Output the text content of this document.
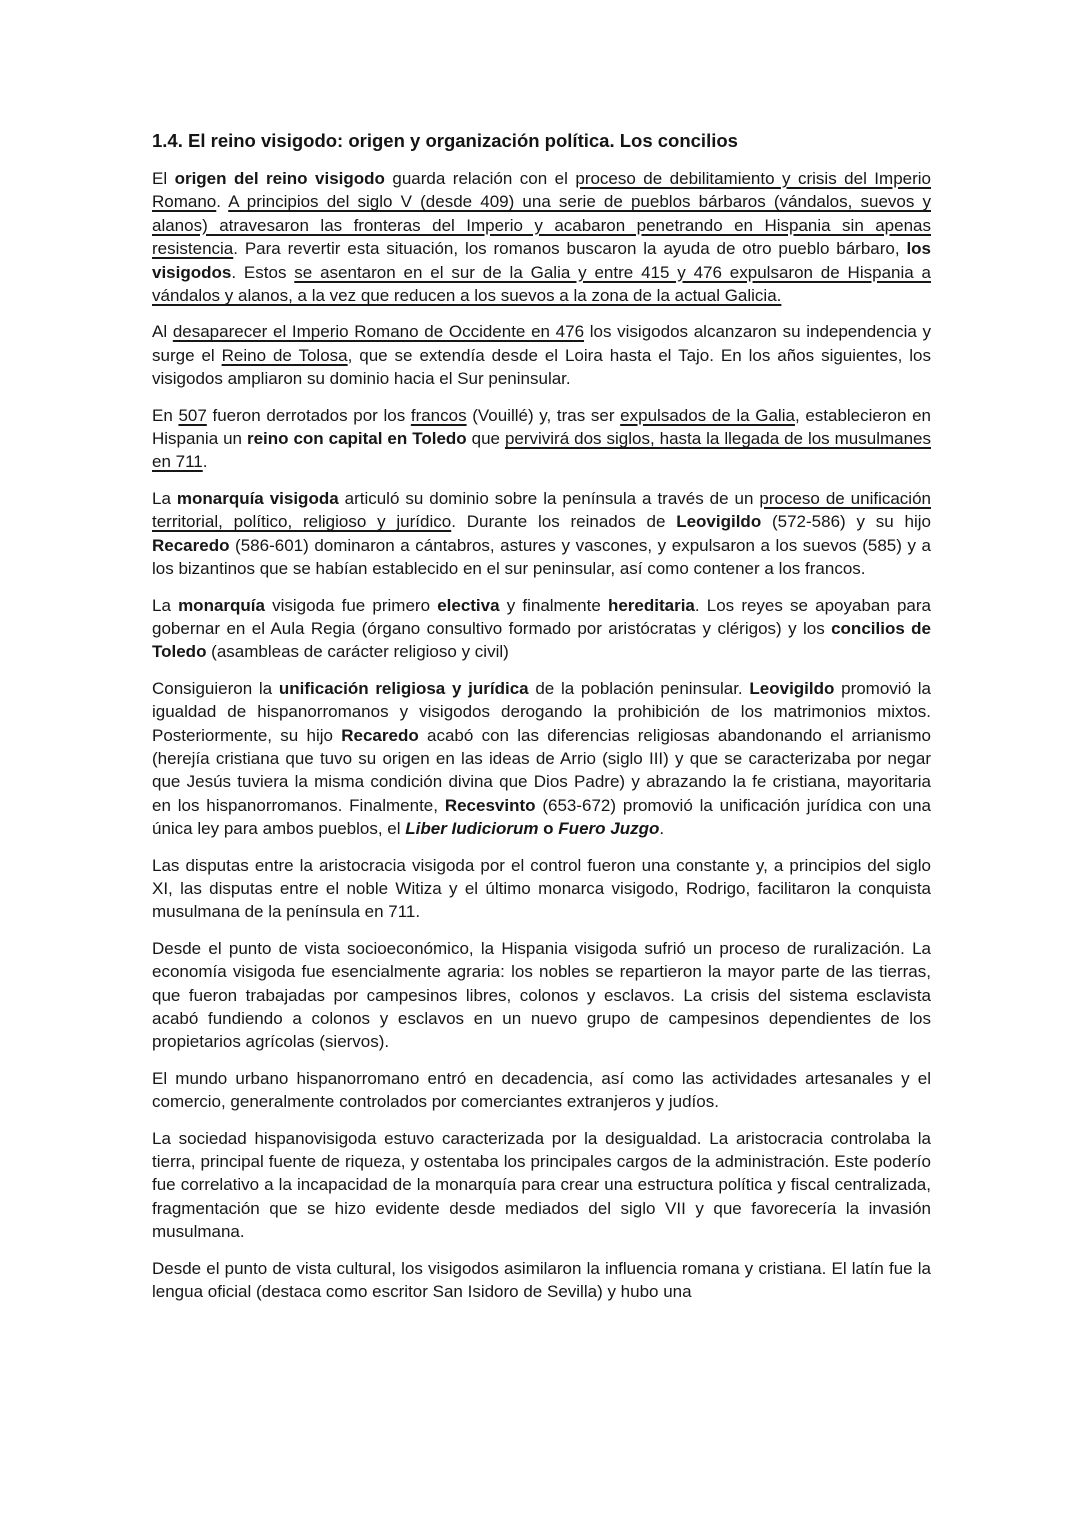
1.4. El reino visigodo: origen y organización política. Los concilios

El origen del reino visigodo guarda relación con el proceso de debilitamiento y crisis del Imperio Romano. A principios del siglo V (desde 409) una serie de pueblos bárbaros (vándalos, suevos y alanos) atravesaron las fronteras del Imperio y acabaron penetrando en Hispania sin apenas resistencia. Para revertir esta situación, los romanos buscaron la ayuda de otro pueblo bárbaro, los visigodos. Estos se asentaron en el sur de la Galia y entre 415 y 476 expulsaron de Hispania a vándalos y alanos, a la vez que reducen a los suevos a la zona de la actual Galicia.

Al desaparecer el Imperio Romano de Occidente en 476 los visigodos alcanzaron su independencia y surge el Reino de Tolosa, que se extendía desde el Loira hasta el Tajo. En los años siguientes, los visigodos ampliaron su dominio hacia el Sur peninsular.

En 507 fueron derrotados por los francos (Vouillé) y, tras ser expulsados de la Galia, establecieron en Hispania un reino con capital en Toledo que pervivirá dos siglos, hasta la llegada de los musulmanes en 711.

La monarquía visigoda articuló su dominio sobre la península a través de un proceso de unificación territorial, político, religioso y jurídico. Durante los reinados de Leovigildo (572-586) y su hijo Recaredo (586-601) dominaron a cántabros, astures y vascones, y expulsaron a los suevos (585) y a los bizantinos que se habían establecido en el sur peninsular, así como contener a los francos.

La monarquía visigoda fue primero electiva y finalmente hereditaria. Los reyes se apoyaban para gobernar en el Aula Regia (órgano consultivo formado por aristócratas y clérigos) y los concilios de Toledo (asambleas de carácter religioso y civil)

Consiguieron la unificación religiosa y jurídica de la población peninsular. Leovigildo promovió la igualdad de hispanorromanos y visigodos derogando la prohibición de los matrimonios mixtos. Posteriormente, su hijo Recaredo acabó con las diferencias religiosas abandonando el arrianismo (herejía cristiana que tuvo su origen en las ideas de Arrio (siglo III) y que se caracterizaba por negar que Jesús tuviera la misma condición divina que Dios Padre) y abrazando la fe cristiana, mayoritaria en los hispanorromanos. Finalmente, Recesvinto (653-672) promovió la unificación jurídica con una única ley para ambos pueblos, el Liber Iudiciorum o Fuero Juzgo.

Las disputas entre la aristocracia visigoda por el control fueron una constante y, a principios del siglo XI, las disputas entre el noble Witiza y el último monarca visigodo, Rodrigo, facilitaron la conquista musulmana de la península en 711.

Desde el punto de vista socioeconómico, la Hispania visigoda sufrió un proceso de ruralización. La economía visigoda fue esencialmente agraria: los nobles se repartieron la mayor parte de las tierras, que fueron trabajadas por campesinos libres, colonos y esclavos. La crisis del sistema esclavista acabó fundiendo a colonos y esclavos en un nuevo grupo de campesinos dependientes de los propietarios agrícolas (siervos).

El mundo urbano hispanorromano entró en decadencia, así como las actividades artesanales y el comercio, generalmente controlados por comerciantes extranjeros y judíos.

La sociedad hispanovisigoda estuvo caracterizada por la desigualdad. La aristocracia controlaba la tierra, principal fuente de riqueza, y ostentaba los principales cargos de la administración. Este poderío fue correlativo a la incapacidad de la monarquía para crear una estructura política y fiscal centralizada, fragmentación que se hizo evidente desde mediados del siglo VII y que favorecería la invasión musulmana.

Desde el punto de vista cultural, los visigodos asimilaron la influencia romana y cristiana. El latín fue la lengua oficial (destaca como escritor San Isidoro de Sevilla) y hubo una
